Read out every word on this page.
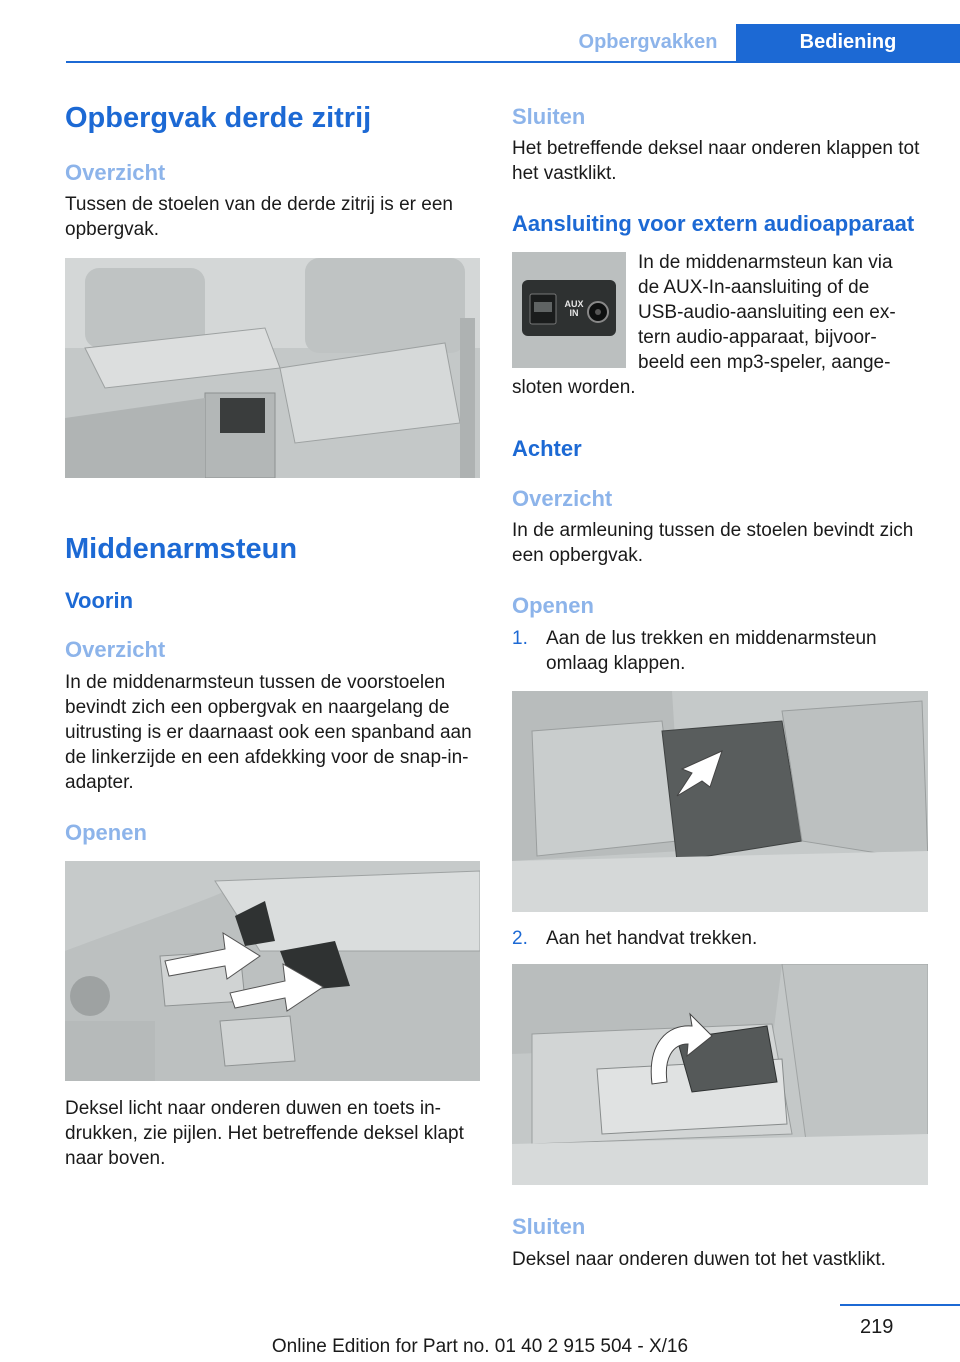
Opbergvakken	Bediening
Opbergvak derde zitrij
Overzicht
Tussen de stoelen van de derde zitrij is er een opbergvak.
Middenarmsteun
Voorin
Overzicht
In de middenarmsteun tussen de voorstoelen bevindt zich een opbergvak en naargelang de uitrusting is er daarnaast ook een spanband aan de linkerzijde en een afdekking voor de snap-in-adapter.
Openen
Deksel licht naar onderen duwen en toets in-drukken, zie pijlen. Het betreffende deksel klapt naar boven.
Sluiten
Het betreffende deksel naar onderen klappen tot het vastklikt.
Aansluiting voor extern audioapparaat
AUX IN
In de middenarmsteun kan via
de AUX-In-aansluiting of de
USB-audio-aansluiting een ex-
tern audio-apparaat, bijvoor-
beeld een mp3-speler, aange-
sloten worden.
Achter
Overzicht
In de armleuning tussen de stoelen bevindt zich een opbergvak.
Openen
1. Aan de lus trekken en middenarmsteun omlaag klappen.
2. Aan het handvat trekken.
Sluiten
Deksel naar onderen duwen tot het vastklikt.
219
Online Edition for Part no. 01 40 2 915 504 - X/16
